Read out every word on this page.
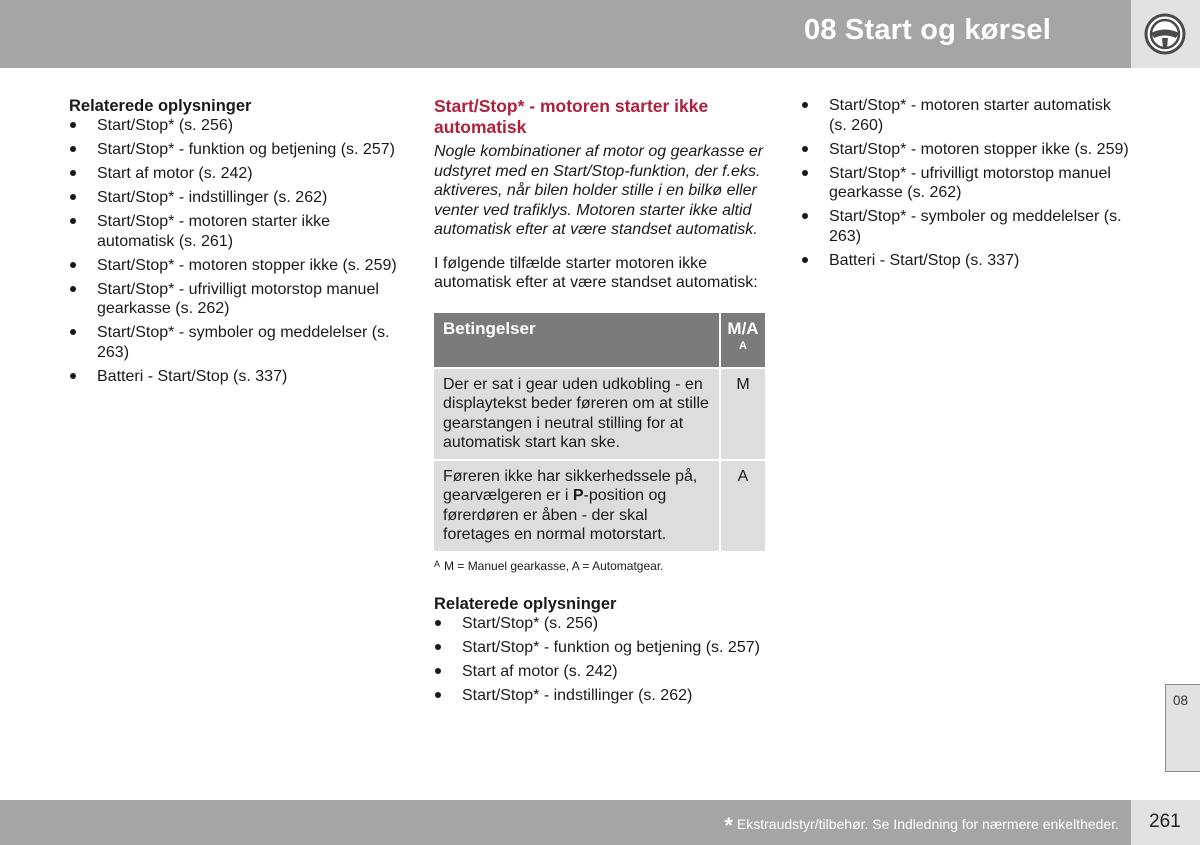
08 Start og kørsel

Relaterede oplysninger

Start/Stop* (s. 256)
Start/Stop* - funktion og betjening (s. 257)
Start af motor (s. 242)
Start/Stop* - indstillinger (s. 262)
Start/Stop* - motoren starter ikke automatisk (s. 261)
Start/Stop* - motoren stopper ikke (s. 259)
Start/Stop* - ufrivilligt motorstop manuel gearkasse (s. 262)
Start/Stop* - symboler og meddelelser (s. 263)
Batteri - Start/Stop (s. 337)

Start/Stop* - motoren starter ikke automatisk

Nogle kombinationer af motor og gearkasse er udstyret med en Start/Stop-funktion, der f.eks. aktiveres, når bilen holder stille i en bilkø eller venter ved trafiklys. Motoren starter ikke altid automatisk efter at være standset automatisk.

I følgende tilfælde starter motoren ikke automatisk efter at være standset automatisk:

Betingelser	M/A
A

Der er sat i gear uden udkobling - en displaytekst beder føreren om at stille gearstangen i neutral stilling for at automatisk start kan ske.	M
Føreren ikke har sikkerhedssele på, gearvælgeren er i P-position og førerdøren er åben - der skal foretages en normal motorstart.	A

$^A$ M = Manuel gearkasse, A = Automatgear.

Relaterede oplysninger

Start/Stop* (s. 256)
Start/Stop* - funktion og betjening (s. 257)
Start af motor (s. 242)
Start/Stop* - indstillinger (s. 262)
Start/Stop* - motoren starter automatisk (s. 260)
Start/Stop* - motoren stopper ikke (s. 259)
Start/Stop* - ufrivilligt motorstop manuel gearkasse (s. 262)
Start/Stop* - symboler og meddelelser (s. 263)
Batteri - Start/Stop (s. 337)
08
* Ekstraudstyr/tilbehør. Se Indledning for nærmere enkeltheder. 261
